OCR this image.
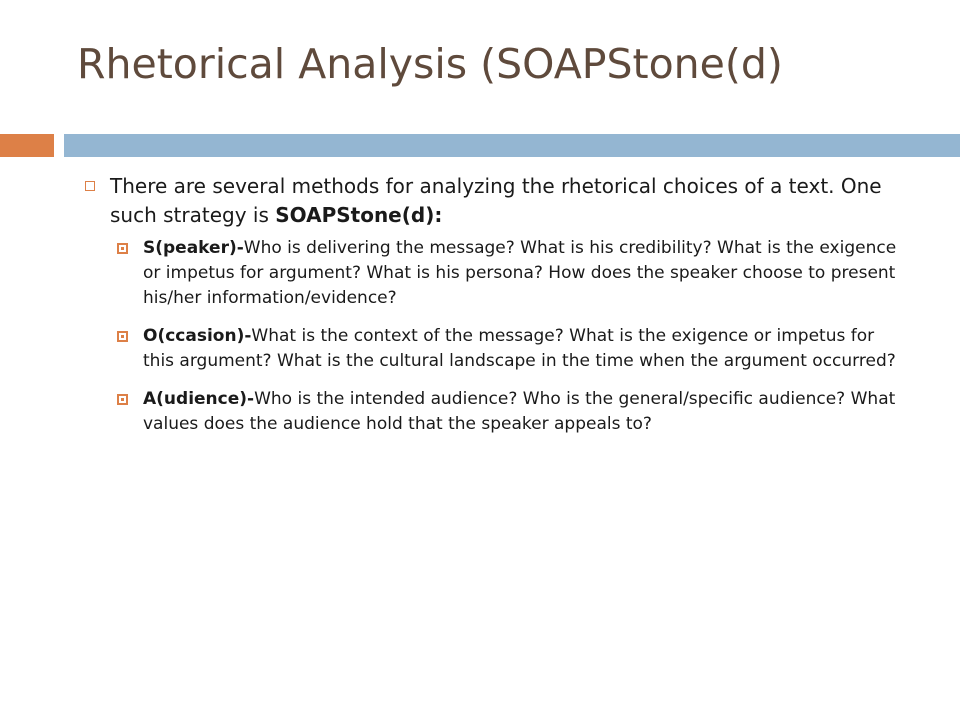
Rhetorical Analysis (SOAPStone(d)

There are several methods for analyzing the rhetorical choices of a text. One such strategy is SOAPStone(d):

S(peaker)-Who is delivering the message? What is his credibility? What is the exigence or impetus for argument? What is his persona? How does the speaker choose to present his/her information/evidence?

O(ccasion)-What is the context of the message? What is the exigence or impetus for this argument? What is the cultural landscape in the time when the argument occurred?

A(udience)-Who is the intended audience? Who is the general/specific audience? What values does the audience hold that the speaker appeals to?
